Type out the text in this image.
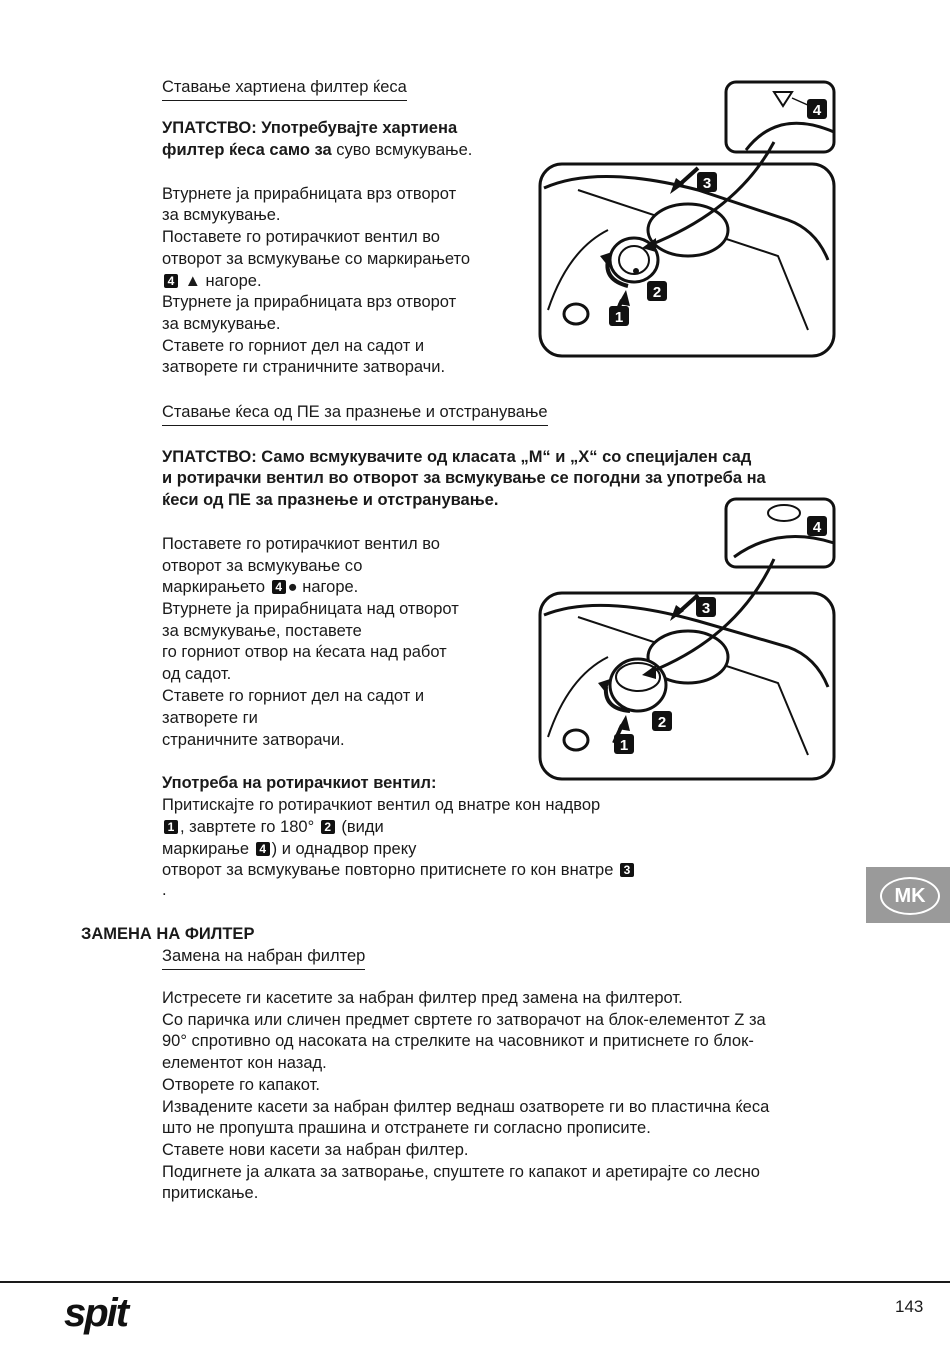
Ставање хартиена филтер ќеса
УПАТСТВО: Употребувајте хартиена
филтер ќеса само за суво всмукување.
Втурнете ја прирабницата врз отворот
за всмукување.
Поставете го ротирачкиот вентил во
отворот за всмукување со маркирањето
4 ▲ нагоре.
Втурнете ја прирабницата врз отворот
за всмукување.
Ставете го горниот дел на садот и
затворете ги страничните затворачи.
4
3
2
1
Ставање ќеса од ПЕ за празнење и отстранување
УПАТСТВО: Само всмукувачите од класата „M“ и „X“ со специјален сад
и ротирачки вентил во отворот за всмукување се погодни за употреба на
ќеси од ПЕ за празнење и отстранување.
Поставете го ротирачкиот вентил во
отворот за всмукување со
маркирањето 4 ● нагоре.
Втурнете ја прирабницата над отворот
за всмукување, поставете
го горниот отвор на ќесата над работ
од садот.
Ставете го горниот дел на садот и
затворете ги
страничните затворачи.
4
3
2
1
Употреба на ротирачкиот вентил:
Притискајте го ротирачкиот вентил од внатре кон надвор
1 , завртете го 180° 2 (види
маркирање 4 ) и однадвор преку
отворот за всмукување повторно притиснете го кон внатре 3
.	MK
ЗАМЕНА НА ФИЛТЕР
Замена на набран филтер
Истресете ги касетите за набран филтер пред замена на филтерот.
Со паричка или сличен предмет свртете го затворачот на блок-елементот Z за
90° спротивно од насоката на стрелките на часовникот и притиснете го блок-
елементот кон назад.
Отворете го капакот.
Извадените касети за набран филтер веднаш озатворете ги во пластична ќеса
што не пропушта прашина и отстранете ги согласно прописите.
Ставете нови касети за набран филтер.
Подигнете ја алката за затворање, спуштете го капакот и аретирајте со лесно
притискање.
spit	143
